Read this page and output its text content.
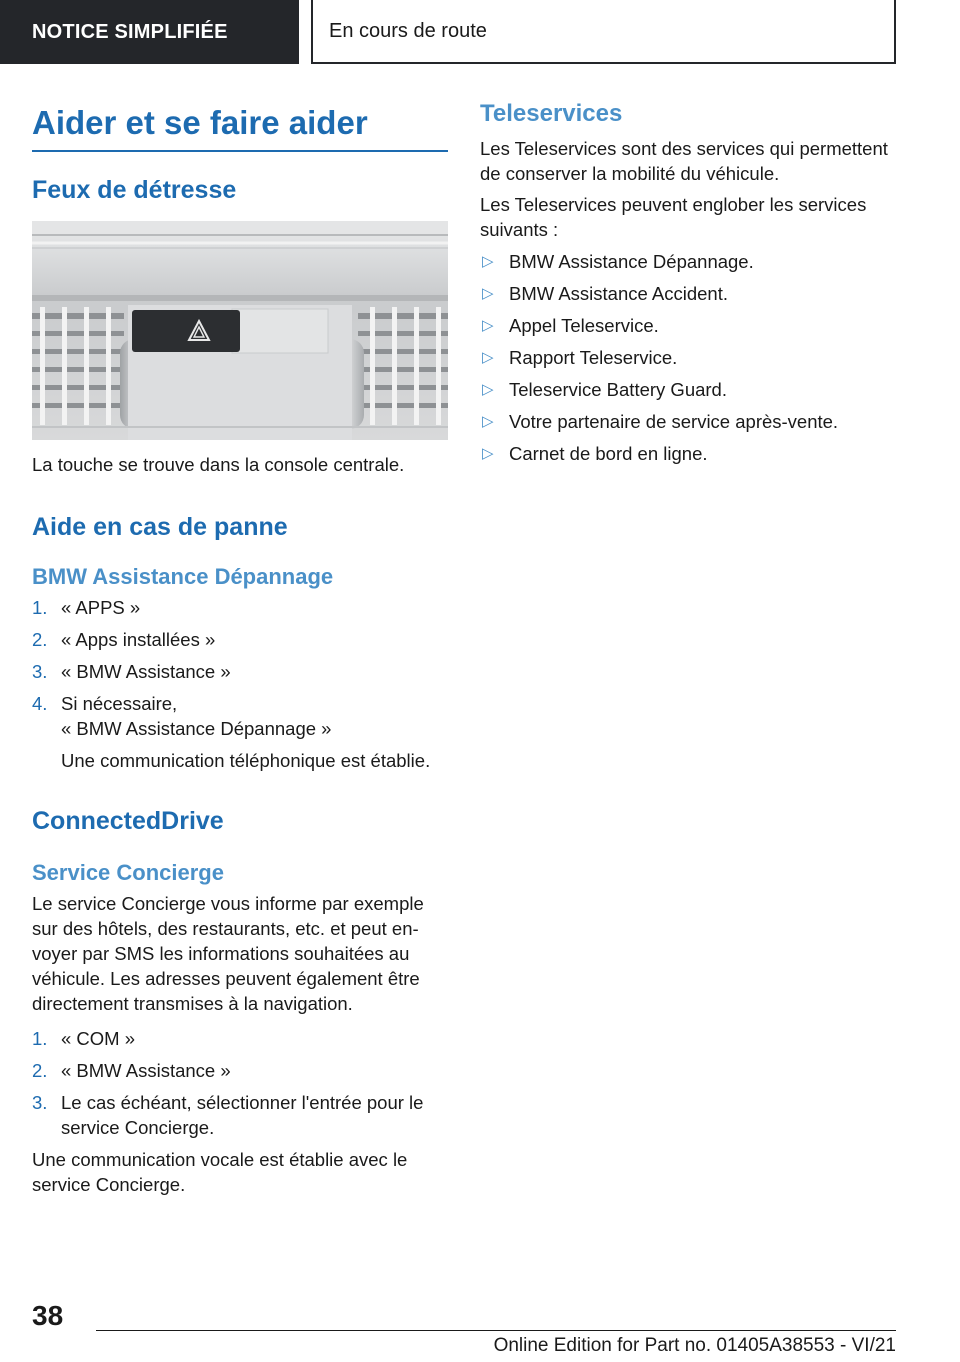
NOTICE SIMPLIFIÉE	En cours de route
Aider et se faire aider
Feux de détresse

La touche se trouve dans la console centrale.

Aide en cas de panne
BMW Assistance Dépannage
1. « APPS »
2. « Apps installées »
3. « BMW Assistance »
4. Si nécessaire,
« BMW Assistance Dépannage »

Une communication téléphonique est établie.

ConnectedDrive
Service Concierge

Le service Concierge vous informe par exemple sur des hôtels, des restaurants, etc. et peut envoyer par SMS les informations souhaitées au véhicule. Les adresses peuvent également être directement transmises à la navigation.

1. « COM »
2. « BMW Assistance »
3. Le cas échéant, sélectionner l'entrée pour le service Concierge.

Une communication vocale est établie avec le service Concierge.

Teleservices

Les Teleservices sont des services qui permettent de conserver la mobilité du véhicule.

Les Teleservices peuvent englober les services suivants :

▷ BMW Assistance Dépannage.
▷ BMW Assistance Accident.
▷ Appel Teleservice.
▷ Rapport Teleservice.
▷ Teleservice Battery Guard.
▷ Votre partenaire de service après-vente.
▷ Carnet de bord en ligne.
38
Online Edition for Part no. 01405A38553 - VI/21
